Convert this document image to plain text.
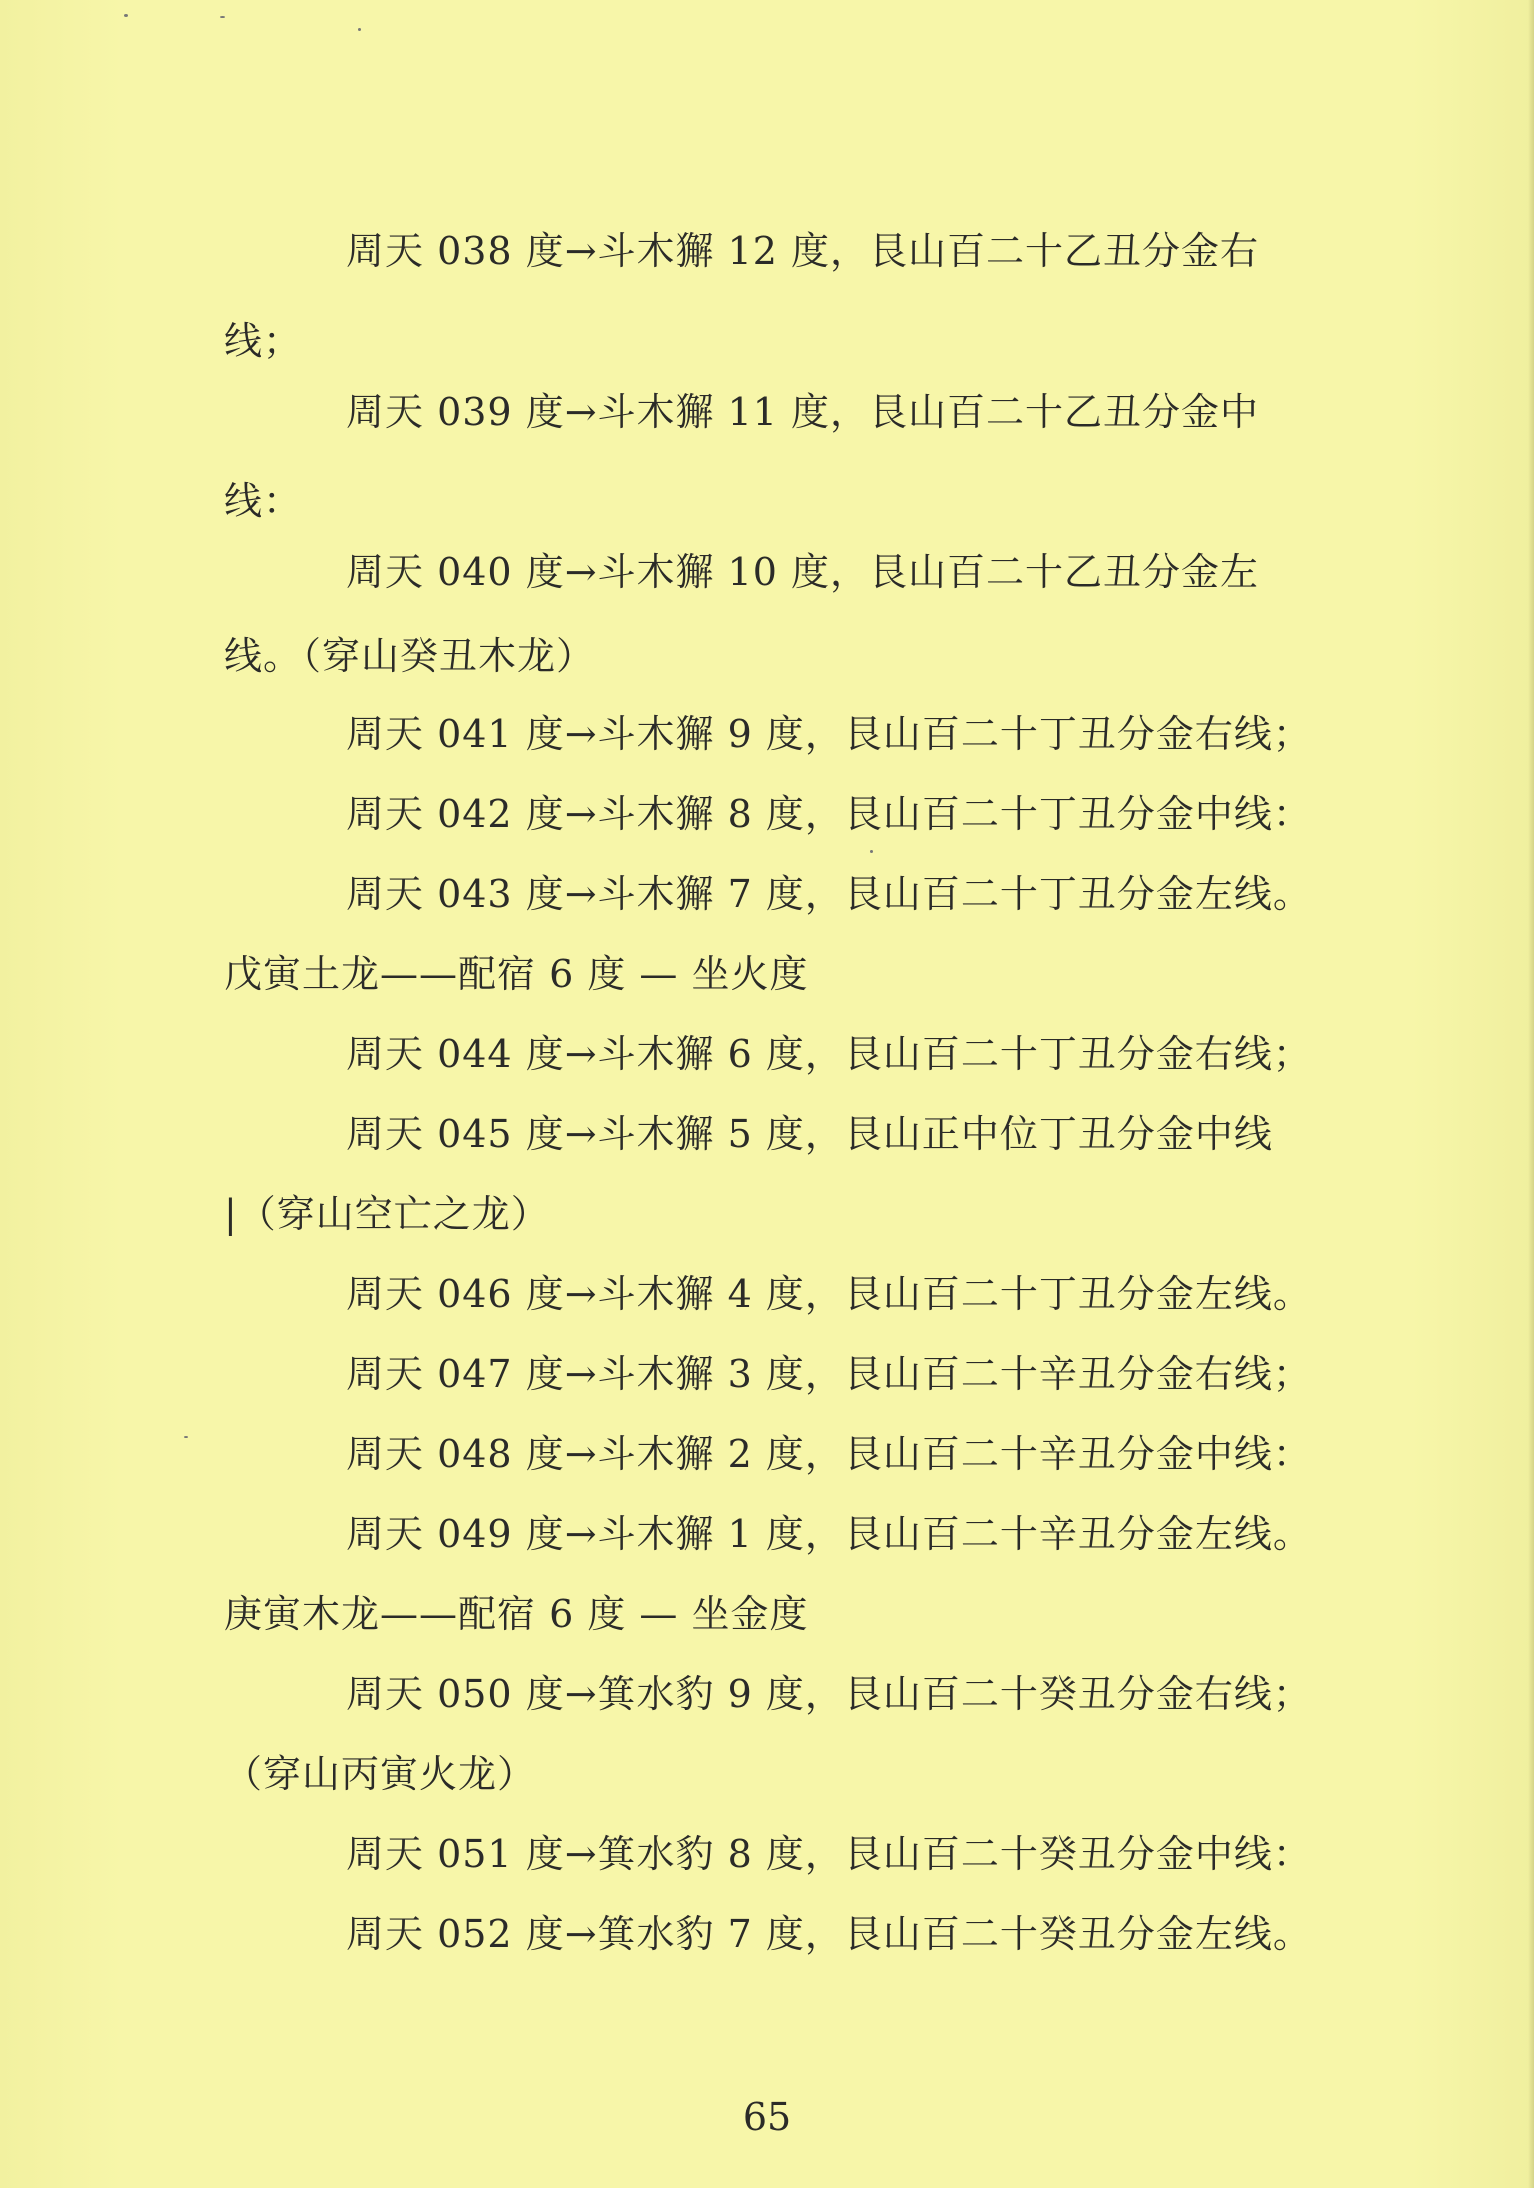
周天 038 度→斗木獬 12 度，艮山百二十乙丑分金右
线；
周天 039 度→斗木獬 11 度，艮山百二十乙丑分金中
线：
周天 040 度→斗木獬 10 度，艮山百二十乙丑分金左
线。（穿山癸丑木龙）
周天 041 度→斗木獬 9 度，艮山百二十丁丑分金右线；
周天 042 度→斗木獬 8 度，艮山百二十丁丑分金中线：
周天 043 度→斗木獬 7 度，艮山百二十丁丑分金左线。
戊寅土龙——配宿 6 度 — 坐火度
周天 044 度→斗木獬 6 度，艮山百二十丁丑分金右线；
周天 045 度→斗木獬 5 度，艮山正中位丁丑分金中线
|（穿山空亡之龙）
周天 046 度→斗木獬 4 度，艮山百二十丁丑分金左线。
周天 047 度→斗木獬 3 度，艮山百二十辛丑分金右线；
周天 048 度→斗木獬 2 度，艮山百二十辛丑分金中线：
周天 049 度→斗木獬 1 度，艮山百二十辛丑分金左线。
庚寅木龙——配宿 6 度 — 坐金度
周天 050 度→箕水豹 9 度，艮山百二十癸丑分金右线；
（穿山丙寅火龙）
周天 051 度→箕水豹 8 度，艮山百二十癸丑分金中线：
周天 052 度→箕水豹 7 度，艮山百二十癸丑分金左线。
65
